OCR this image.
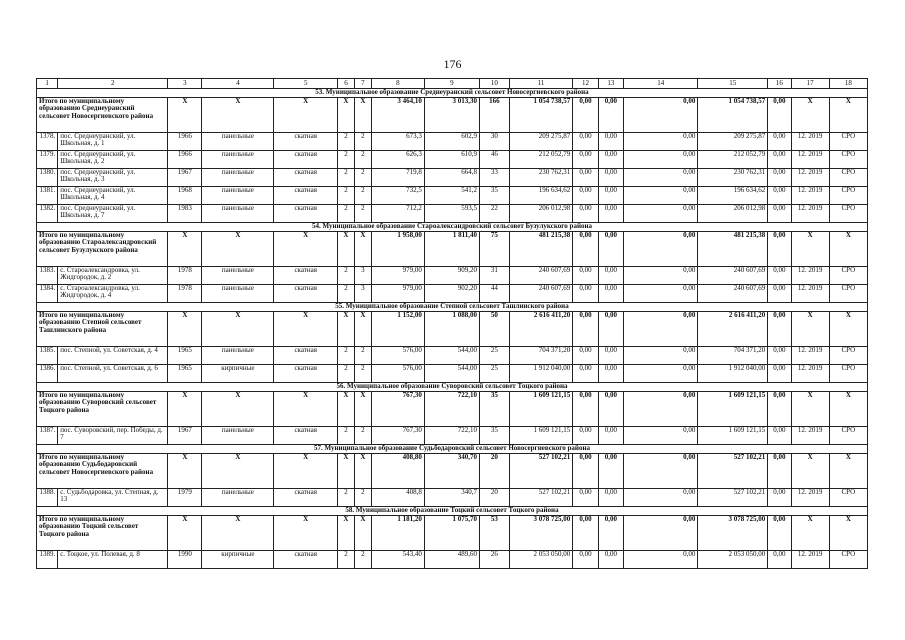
176
1	2	3	4	5	6	7	8	9	10	11	12	13	14	15	16	17	18
53. Муниципальное образование Среднеуранский сельсовет Новосергиевского района																	
Итого по муниципальному образованию Среднеуранский сельсовет Новосергиевского района		X	X	X	X	X	3 464,10	3 013,30	166	1 054 738,57	0,00	0,00	0,00	1 054 738,57	0,00	X	X
1378.	пос. Среднеуранский, ул. Школьная, д. 1	1966	панельные	скатная	2	2	673,3	602,9	30	209 275,87	0,00	0,00	0,00	209 275,87	0,00	12. 2019	СРО
1379.	пос. Среднеуранский, ул. Школьная, д. 2	1966	панельные	скатная	2	2	626,3	610,9	46	212 052,79	0,00	0,00	0,00	212 052,79	0,00	12. 2019	СРО
1380.	пос. Среднеуранский, ул. Школьная, д. 3	1967	панельные	скатная	2	2	719,8	664,8	33	230 762,31	0,00	0,00	0,00	230 762,31	0,00	12. 2019	СРО
1381.	пос. Среднеуранский, ул. Школьная, д. 4	1968	панельные	скатная	2	2	732,5	541,2	35	196 634,62	0,00	0,00	0,00	196 634,62	0,00	12. 2019	СРО
1382.	пос. Среднеуранский, ул. Школьная, д. 7	1983	панельные	скатная	2	2	712,2	593,5	22	206 012,98	0,00	0,00	0,00	206 012,98	0,00	12. 2019	СРО
54. Муниципальное образование Староалександровский сельсовет Бузулукского района																	
Итого по муниципальному образованию Староалександровский сельсовет Бузулукского района		X	X	X	X	X	1 958,00	1 811,40	75	481 215,38	0,00	0,00	0,00	481 215,38	0,00	X	X
1383.	с. Староалександровка, ул. Жидгородок, д. 2	1978	панельные	скатная	2	3	979,00	909,20	31	240 607,69	0,00	0,00	0,00	240 607,69	0,00	12. 2019	СРО
1384.	с. Староалександровка, ул. Жидгородок, д. 4	1978	панельные	скатная	2	3	979,00	902,20	44	240 607,69	0,00	0,00	0,00	240 607,69	0,00	12. 2019	СРО
55. Муниципальное образование Степной сельсовет Ташлинского района																	
Итого по муниципальному образованию Степной сельсовет Ташлинского района		X	X	X	X	X	1 152,00	1 088,00	50	2 616 411,20	0,00	0,00	0,00	2 616 411,20	0,00	X	X
1385.	пос. Степной, ул. Советская, д. 4	1965	панельные	скатная	2	2	576,00	544,00	25	704 371,20	0,00	0,00	0,00	704 371,20	0,00	12. 2019	СРО
1386.	пос. Степной, ул. Советская, д. 6	1965	кирпичные	скатная	2	2	576,00	544,00	25	1 912 040,00	0,00	0,00	0,00	1 912 040,00	0,00	12. 2019	СРО
56. Муниципальное образование Суворовский сельсовет Тоцкого района																	
Итого по муниципальному образованию Суворовский сельсовет Тоцкого района		X	X	X	X	X	767,30	722,10	35	1 609 121,15	0,00	0,00	0,00	1 609 121,15	0,00	X	X
1387.	пос. Суворовский, пер. Победы, д. 7	1967	панельные	скатная	2	2	767,30	722,10	35	1 609 121,15	0,00	0,00	0,00	1 609 121,15	0,00	12. 2019	СРО
57. Муниципальное образование Судьбодаровский сельсовет Новосергиевского района																	
Итого по муниципальному образованию Судьбодаровский сельсовет Новосергиевского района		X	X	X	X	X	408,80	340,70	20	527 102,21	0,00	0,00	0,00	527 102,21	0,00	X	X
1388.	с. Судьбодаровка, ул. Степная, д. 13	1979	панельные	скатная	2	2	408,8	340,7	20	527 102,21	0,00	0,00	0,00	527 102,21	0,00	12. 2019	СРО
58. Муниципальное образование Тоцкий сельсовет Тоцкого района																	
Итого по муниципальному образованию Тоцкий сельсовет Тоцкого района		X	X	X	X	X	1 181,20	1 075,70	53	3 078 725,00	0,00	0,00	0,00	3 078 725,00	0,00	X	X
1389.	с. Тоцкое, ул. Полевая, д. 8	1990	кирпичные	скатная	2	2	543,40	489,60	26	2 053 050,00	0,00	0,00	0,00	2 053 050,00	0,00	12. 2019	СРО
